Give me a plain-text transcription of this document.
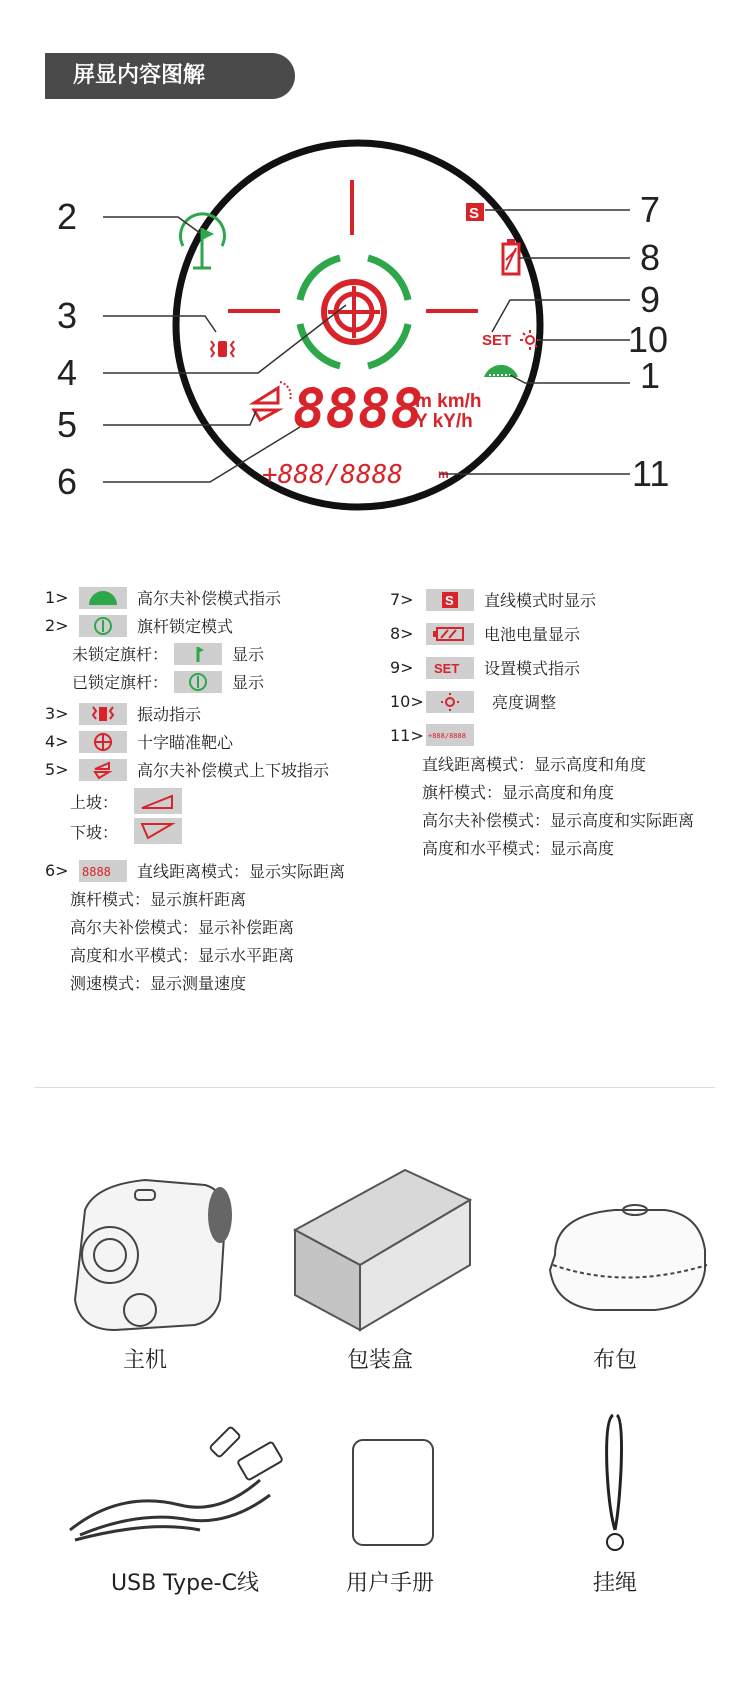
屏显内容图解
8888
m km/h
Y kY/h
+888/8888	m
S
SET
2
3
4
5
6
7
8
9
10
1
11
1>	高尔夫补偿模式指示
2>	旗杆锁定模式
未锁定旗杆：	显示
已锁定旗杆：	显示
3>	振动指示
4>	十字瞄准靶心
5>	高尔夫补偿模式上下坡指示
上坡：
下坡：
6>	8888 直线距离模式：显示实际距离
旗杆模式：显示旗杆距离
高尔夫补偿模式：显示补偿距离
高度和水平模式：显示水平距离
测速模式：显示测量速度
7>	S 直线模式时显示
8>	电池电量显示
9>	SET 设置模式指示
10>	亮度调整
11> +888/8888
直线距离模式：显示高度和角度
旗杆模式：显示高度和角度
高尔夫补偿模式：显示高度和实际距离
高度和水平模式：显示高度
主机	包装盒	布包
USB Type-C线	用户手册	挂绳
